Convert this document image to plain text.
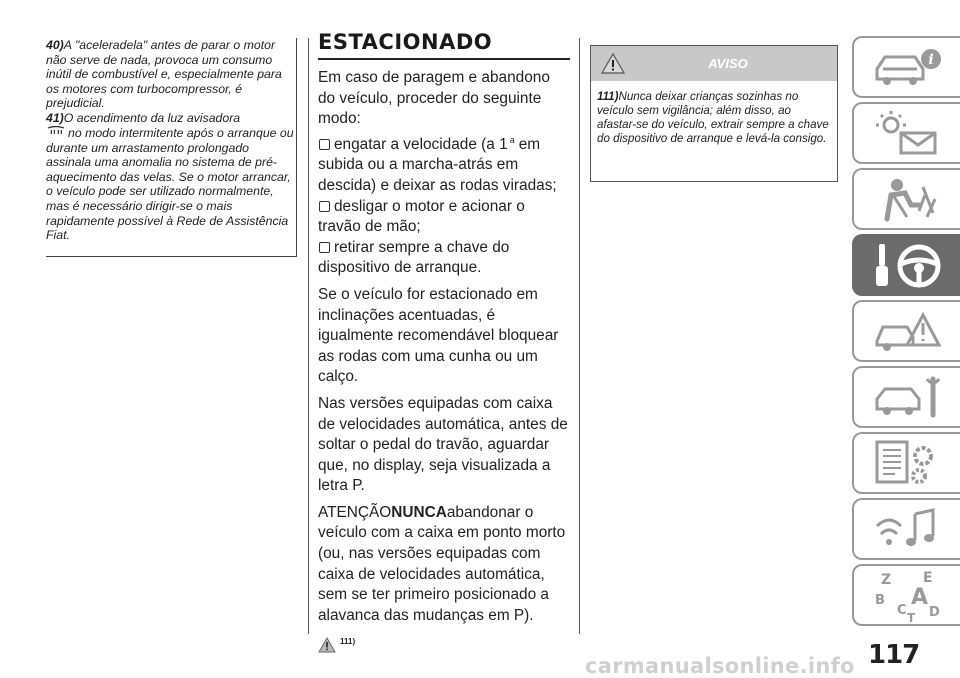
40)A "aceleradela" antes de parar o motor não serve de nada, provoca um consumo inútil de combustível e, especialmente para os motores com turbocompressor, é prejudicial.

41)O acendimento da luz avisadora
no modo intermitente após o arranque ou durante um arrastamento prolongado assinala uma anomalia no sistema de pré-aquecimento das velas. Se o motor arrancar, o veículo pode ser utilizado normalmente, mas é necessário dirigir-se o mais rapidamente possível à Rede de Assistência Fiat.

ESTACIONADO

Em caso de paragem e abandono do veículo, proceder do seguinte modo:
engatar a velocidade (a 1 $^a$ em subida ou a marcha-atrás em descida) e deixar as rodas viradas;
desligar o motor e acionar o travão de mão;
retirar sempre a chave do dispositivo de arranque.

Se o veículo for estacionado em inclinações acentuadas, é igualmente recomendável bloquear as rodas com uma cunha ou um calço.

Nas versões equipadas com caixa de velocidades automática, antes de soltar o pedal do travão, aguardar que, no display, seja visualizada a letra P.

ATENÇÃONUNCAabandonar o veículo com a caixa em ponto morto (ou, nas versões equipadas com caixa de velocidades automática, sem se ter primeiro posicionado a alavanca das mudanças em P).

111)
AVISO
111)Nunca deixar crianças sozinhas no veículo sem vigilância; além disso, ao afastar-se do veículo, extrair sempre a chave do dispositivo de arranque e levá-la consigo.
i
Z E
B A
C D
T
117
carmanualsonline.info
